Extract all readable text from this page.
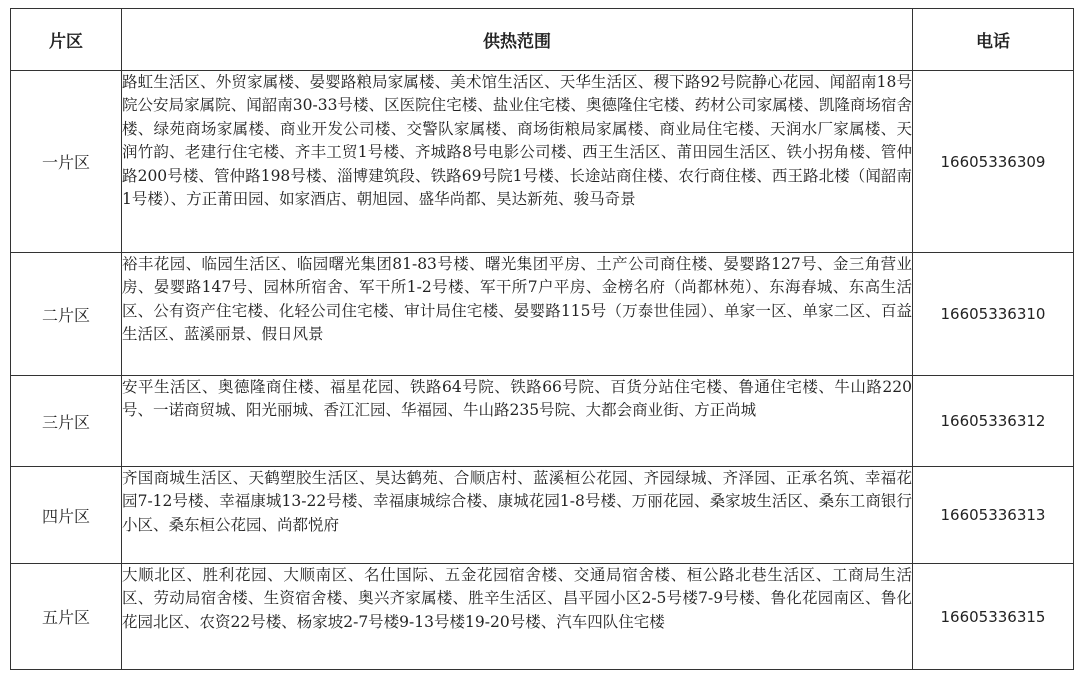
片区	供热范围	电话
一片区	路虹生活区、外贸家属楼、晏婴路粮局家属楼、美术馆生活区、天华生活区、稷下路92号院静心花园、闻韶南18号院公安局家属院、闻韶南30-33号楼、区医院住宅楼、盐业住宅楼、奥德隆住宅楼、药材公司家属楼、凯隆商场宿舍楼、绿苑商场家属楼、商业开发公司楼、交警队家属楼、商场街粮局家属楼、商业局住宅楼、天润水厂家属楼、天润竹韵、老建行住宅楼、齐丰工贸1号楼、齐城路8号电影公司楼、西王生活区、莆田园生活区、铁小拐角楼、管仲路200号楼、管仲路198号楼、淄博建筑段、铁路69号院1号楼、长途站商住楼、农行商住楼、西王路北楼（闻韶南1号楼）、方正莆田园、如家酒店、朝旭园、盛华尚都、昊达新苑、骏马奇景	16605336309
二片区	裕丰花园、临园生活区、临园曙光集团81-83号楼、曙光集团平房、土产公司商住楼、晏婴路127号、金三角营业房、晏婴路147号、园林所宿舍、军干所1-2号楼、军干所7户平房、金榜名府（尚都林苑）、东海春城、东高生活区、公有资产住宅楼、化轻公司住宅楼、审计局住宅楼、晏婴路115号（万泰世佳园）、单家一区、单家二区、百益生活区、蓝溪丽景、假日风景	16605336310
三片区	安平生活区、奥德隆商住楼、福星花园、铁路64号院、铁路66号院、百货分站住宅楼、鲁通住宅楼、牛山路220号、一诺商贸城、阳光丽城、香江汇园、华福园、牛山路235号院、大都会商业街、方正尚城	16605336312
四片区	齐国商城生活区、天鹤塑胶生活区、昊达鹤苑、合顺店村、蓝溪桓公花园、齐园绿城、齐泽园、正承名筑、幸福花园7-12号楼、幸福康城13-22号楼、幸福康城综合楼、康城花园1-8号楼、万丽花园、桑家坡生活区、桑东工商银行小区、桑东桓公花园、尚都悦府	16605336313
五片区	大顺北区、胜利花园、大顺南区、名仕国际、五金花园宿舍楼、交通局宿舍楼、桓公路北巷生活区、工商局生活区、劳动局宿舍楼、生资宿舍楼、奥兴齐家属楼、胜辛生活区、昌平园小区2-5号楼7-9号楼、鲁化花园南区、鲁化花园北区、农资22号楼、杨家坡2-7号楼9-13号楼19-20号楼、汽车四队住宅楼	16605336315
